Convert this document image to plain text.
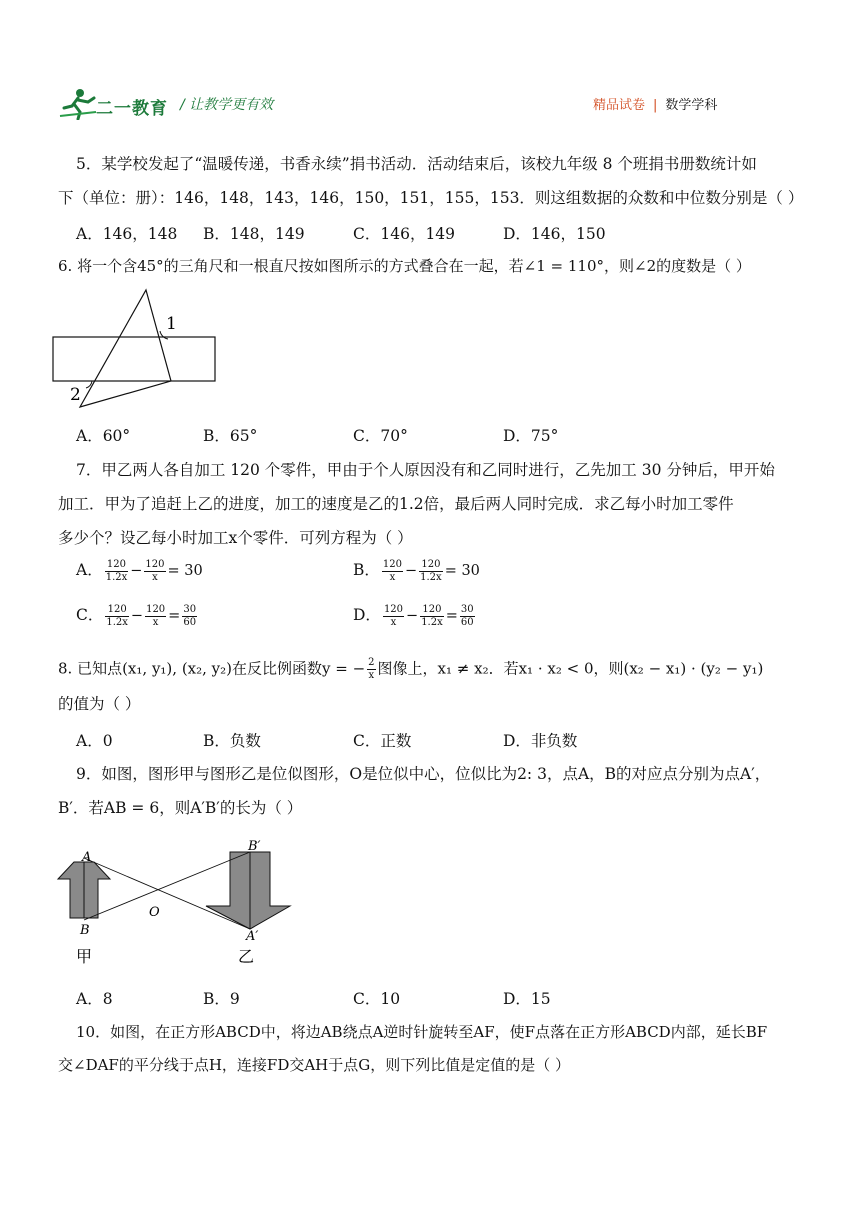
二一教育 / 让教学更有效	精品试卷 | 数学学科
5．某学校发起了“温暖传递，书香永续”捐书活动．活动结束后，该校九年级 8 个班捐书册数统计如
下（单位：册）：146，148，143，146，150，151，155，153．则这组数据的众数和中位数分别是（ ）
A．146，148 B．148，149	C．146，149	D．146，150
6. 将一个含45°的三角尺和一根直尺按如图所示的方式叠合在一起，若∠1 = 110°，则∠2的度数是（ ）
1
2
A．60°	B．65°	C．70°	D．75°
7．甲乙两人各自加工 120 个零件，甲由于个人原因没有和乙同时进行，乙先加工 30 分钟后，甲开始
加工．甲为了追赶上乙的进度，加工的速度是乙的1.2倍，最后两人同时完成．求乙每小时加工零件
多少个？设乙每小时加工x个零件．可列方程为（ ）
A． $\frac{120}{1.2x} - \frac{120}{x} = 30$	B． $\frac{120}{x} - \frac{120}{1.2x} = 30$
C． $\frac{120}{1.2x} - \frac{120}{x} = \frac{30}{60}$	D． $\frac{120}{x} - \frac{120}{1.2x} = \frac{30}{60}$
8. 已知点(x₁, y₁), (x₂, y₂)在反比例函数y = − $\frac{2}{x}$ 图像上，x₁ ≠ x₂．若x₁ · x₂ < 0，则(x₂ − x₁) · (y₂ − y₁)
的值为（ ）
A．0	B．负数	C．正数	D．非负数
9．如图，图形甲与图形乙是位似图形，O是位似中心，位似比为2: 3，点A，B的对应点分别为点A′，
B′．若AB = 6，则A′B′的长为（ ）
A
B
O
B′
A′
甲	乙
A．8	B．9	C．10	D．15
10．如图，在正方形ABCD中，将边AB绕点A逆时针旋转至AF，使F点落在正方形ABCD内部，延长BF
交∠DAF的平分线于点H，连接FD交AH于点G，则下列比值是定值的是（ ）
